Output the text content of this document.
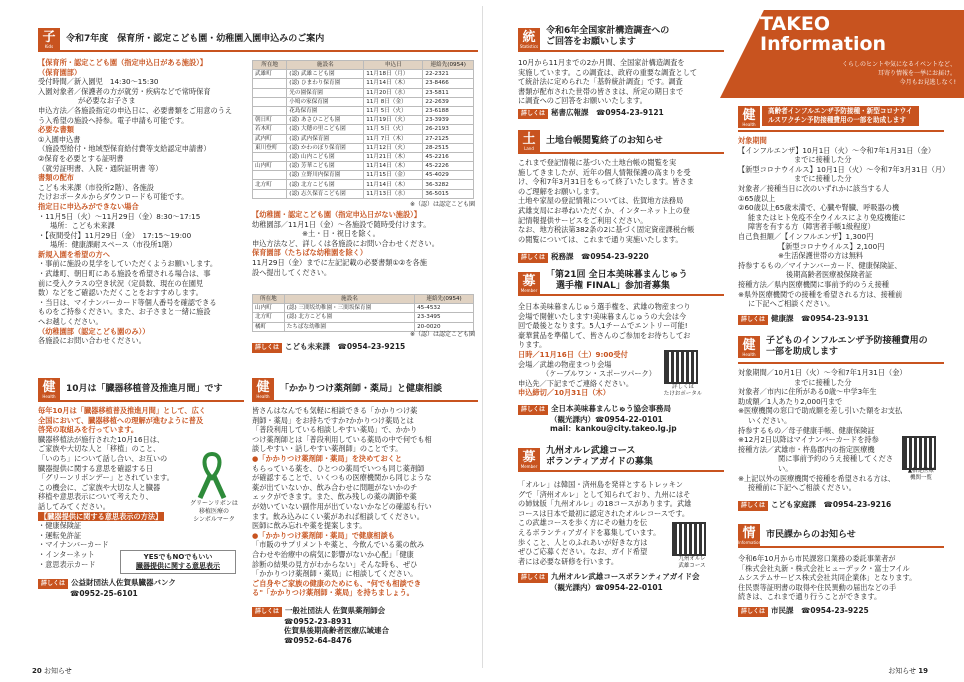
子
Kids
令和7年度　保育所・認定こども園・幼稚園入園申込みのご案内

【保育所・認定こども園（指定申込日がある施設）】

（保育園部）

受付時間／新入園児　14:30～15:30

入園対象者／保護者の方が就労・疾病などで常時保育

が必要なお子さま

申込方法／各施設指定の申込日に、必要書類をご用意のうえ

う入希望の施設へ持参。電子申請も可能です。

必要な書類

①入園申込書

（施設型給付・地域型保育給付費等支給認定申請書）

②保育を必要とする証明書

（就労証明書、入院・通院証明書 等）

書類の配布

こども未来課（市役所2階）、各施設

たけおポータルからダウンロードも可能です。

指定日に申込みができない場合

・11月5日（火）～11月29日（金）8:30～17:15

場所：こども未来課

・【夜間受付】11月29日（金）　17:15～19:00

場所：健康課耐スペース（市役所1階）

新規入園を希望の方へ

・事前に施設の見学をしていただくようお願いします。

・武雄町、朝日町にある施設を希望される場合は、事

前に受入クラスの空き状況（定員数、現在の在園児

数）などをご確認いただくことをおすすめします。

・当日は、マイナンバーカード等個人番号を確認できる

ものをご持参ください。また、お子さまと一緒に施設

へお越しください。

（幼稚園部（認定こども園のみ））

各施設にお問い合わせください。

所在地	施設名	申込日	連絡先(0954)
武雄町	(認) 武雄こども園	11月18日（月）	22-2321
	(認) ひまわり保育園	11月14日（木）	23-8466
	光の園保育園	11月20日（水）	23-5811
	小鳩の家保育園	11月 8日（金）	22-2639
	花島保育園	11月 5日（火）	23-6188
朝日町	(認) あさひこども園	11月19日（火）	23-3939
若木町	(認) 大穂の里こども園	11月 5日（火）	26-2193
武内町	(認) 武内保育園	11月 7日（木）	27-2125
東川登町	(認) かわのぼり保育園	11月12日（火）	28-2515
	(認) 山内こども園	11月21日（木）	45-2216
山内町	(認) 芳華こども園	11月14日（木）	45-2226
	(認) 立野川内保育園	11月15日（金）	45-4029
北方町	(認) 北方こども園	11月14日（木）	36-3282
	(認) 志久保育こども園	11月13日（水）	36-5015
※（認）は認定こども園

【幼稚園・認定こども園（指定申込日がない施設）】

幼稚園部／11月1日（金）～各施設で随時受付けます。

※土・日・祝日を除く。

申込方法など、詳しくは各施設にお問い合わせください。

保育園部（たちばな幼稚園を除く）

11月29日（金）までに左記記載の必要書類①②を各施

設へ提出してください。

所在地	施設名	連絡先(0954)
山内町	(認) 三間坂幼稚園・三間坂保育園	45-4532
北方町	(認) 北方こども園	23-3495
橘町	たちばな幼稚園	20-0020
※（認）は認定こども園
詳しくは こども未来課　☎0954-23-9215
健
Health
10月は「臓器移植普及推進月間」です

毎年10月は「臓器移植普及推進月間」として、広く

全国において、臓器移植への理解が進むように普及

啓発の取組みを行っています。

臓器移植法が施行された10月16日は、

ご家族や大切な人と「移植」のこと、

「いのち」について話し合い、お互いの

臓器提供に関する意思を確認する日

「グリーンリボンデー」とされています。

この機会に、ご家族や大切な人と臓器

移植や意思表示について考えたり、

話してみてください。

【臓器提供に関する意思表示の方法】

・健康保険証

・運転免許証

・マイナンバーカード

・インターネット

・意思表示カード

グリーンリボンは

移植医療の

シンボルマーク

YESでもNOでもいい
臓器提供に関する意思表示
詳しくは 公益財団法人佐賀県臓器バンク
☎0952-25-6101
健
Health
「かかりつけ薬剤師・薬局」と健康相談

皆さんはなんでも気軽に相談できる「かかりつけ薬

剤師・薬局」をお持ちですか?かかりつけ薬局とは

「普段利用している相談しやすい薬局」で、かかり

つけ薬剤師とは「普段利用している薬局の中で何でも相

談しやすい・話しやすい薬剤師」のことです。

●「かかりつけ薬剤師・薬局」を決めておくと

もらっている薬を、ひとつの薬局でいつも同じ薬剤師

が確認することで、いくつもの医療機関から同じような

薬が出ていないか、飲み合わせに問題がないかのチ

ェックができます。また、飲み残しの薬の調節や薬

が効いていない副作用が出ていないかなどの確認も行い

ます。飲み込みにくい薬があれば相談してください。

医師に飲み忘れや薬を提案します。

●「かかりつけ薬剤師・薬局」で健康相談も

「市販のサプリメントや薬と、今飲んでいる薬の飲み

合わせや治療中の病気に影響がないか心配」「健康

診断の結果の見方がわからない」そんな時も、ぜひ

「かかりつけ薬剤師・薬局」に相談してください。

ご自身やご家族の健康のためにも、"何でも相談でき

る"「かかりつけ薬剤師・薬局」を持ちましょう。

詳しくは 一般社団法人 佐賀県薬剤師会
☎0952-23-8931
佐賀県後期高齢者医療広域連合
☎0952-64-8476
20 お知らせ
TAKEO
Information
くらしのヒントや気になるイベントなど、
耳寄り情報を一挙にお届け。
今月もお見逃しなく!
統
Statistics
令和6年全国家計構造調査への
ご回答をお願いします

10月から11月までの2か月間、全国家計構造調査を

実施しています。この調査は、政府の重要な調査として

て統計法に定められた「基幹統計調査」です。調査

書類が配布された世帯の皆さまは、所定の期日まで

に調査へのご回答をお願いいたします。

詳しくは 秘書広報課　☎0954-23-9121
土
Land
土地台帳閲覧終了のお知らせ

これまで登記情報に基づいた土地台帳の閲覧を実

施してきましたが、近年の個人情報保護の高まりを受

け、令和7年3月31日をもって終了いたします。皆さま

のご理解をお願いします。

土地や家屋の登記情報については、佐賀地方法務局

武雄支局にお尋ねいただくか、インターネット上の登

記情報提供サービスをご利用ください。

なお、地方税法第382条の2に基づく固定資産課税台帳

の閲覧については、これまで通り実施いたします。

詳しくは 税務課　☎0954-23-9220
募
Member
「第21回 全日本美味暮まんじゅう
選手権 FINAL」参加者募集

全日本美味暮まんじゅう選手権を、武雄の物産まつり

会場で開催いたします!美味暮まんじゅうの大会は今

回で最後となります。5人1チームでエントリー可能!

豪華賞品を準備して、皆さんのご参加をお待ちしてお

ります。

日時／11月16日（土）9:00受付

会場／武雄の物産まつり会場

（ケーブルワン・スポーツパーク）

申込先／下記までご連絡ください。

申込締切／10月31日（木）

詳しくは

たけおポータル

詳しくは 全日本美味暮まんじゅう協会事務局
（観光課内）☎0954-22-0101
mail：kankou@city.takeo.lg.jp
募
Member
九州オルレ武雄コース
ボランティアガイドの募集

「オルレ」は韓国・済州島を発祥とするトレッキン

グで「済州オルレ」として知られており、九州にはそ

の姉妹版「九州オルレ」の18コースがあります。武雄

コースは日本で最初に認定されたオルレコースです。

この武雄コースを歩く方にその魅力を伝

えるボランティアガイドを募集しています。

歩くこと、人とのふれあいが好きな方は

ぜひご応募ください。なお、ガイド希望

者には必要な研修を行います。	九州オルレ

武雄コース

詳しくは 九州オルレ武雄コースボランティアガイド会
（観光課内）☎0954-22-0101
健
Health
高齢者インフルエンザ予防接種・新型コロナウイ
ルスワクチン予防接種費用の一部を助成します

対象期間

【インフルエンザ】10月1日（火）～令和7年1月31日（金）

までに接種した分

【新型コロナウイルス】10月1日（火）～令和7年3月31日（月）

までに接種した分

対象者／接種当日に次のいずれかに該当する人

①65歳以上

②60歳以上65歳未満で、心臓や腎臓、呼吸器の機

能またはヒト免疫不全ウイルスにより免疫機能に

障害を有する方（障害者手帳1級程度）

自己負担額／【インフルエンザ】1,300円

【新型コロナウイルス】2,100円

※生活保護世帯の方は無料

持参するもの／マイナンバーカード、健康保険証、

後期高齢者医療被保険者証

接種方法／県内医療機関に事前予約のうえ接種

※県外医療機関での接種を希望される方は、接種前

に下記へご相談ください。

詳しくは 健康課　☎0954-23-9131
健
Health
子どものインフルエンザ予防接種費用の
一部を助成します

対象期間／10月1日（火）～令和7年1月31日（金）

までに接種した分

対象者／市内に住所がある0歳～中学3年生

助成額／1人あたり2,000円まで

※医療機関の窓口で助成額を差し引いた額をお支払

いください。

持参するもの／母子健康手帳、健康保険証

※12月2日以降はマイナンバーカードを持参

接種方法／武雄市・杵島郡内の指定医療機

関に事前予約のうえ接種してくださ

い。

※上記以外の医療機関で接種を希望される方は、

接種前に下記へご相談ください。

▲指定医療

機関一覧

詳しくは こども家庭課　☎0954-23-9216
情
Information
市民課からのお知らせ

令和6年10月から市民課窓口業務の委託事業者が

「株式会社丸新・株式会社ヒューデック・富士フイル

ムシステムサービス株式会社共同企業体」となります。

住民票等証明書の取得や住民異動の届出などの手

続きは、これまで通り行うことができます。

詳しくは 市民課　☎0954-23-9225
お知らせ 19
